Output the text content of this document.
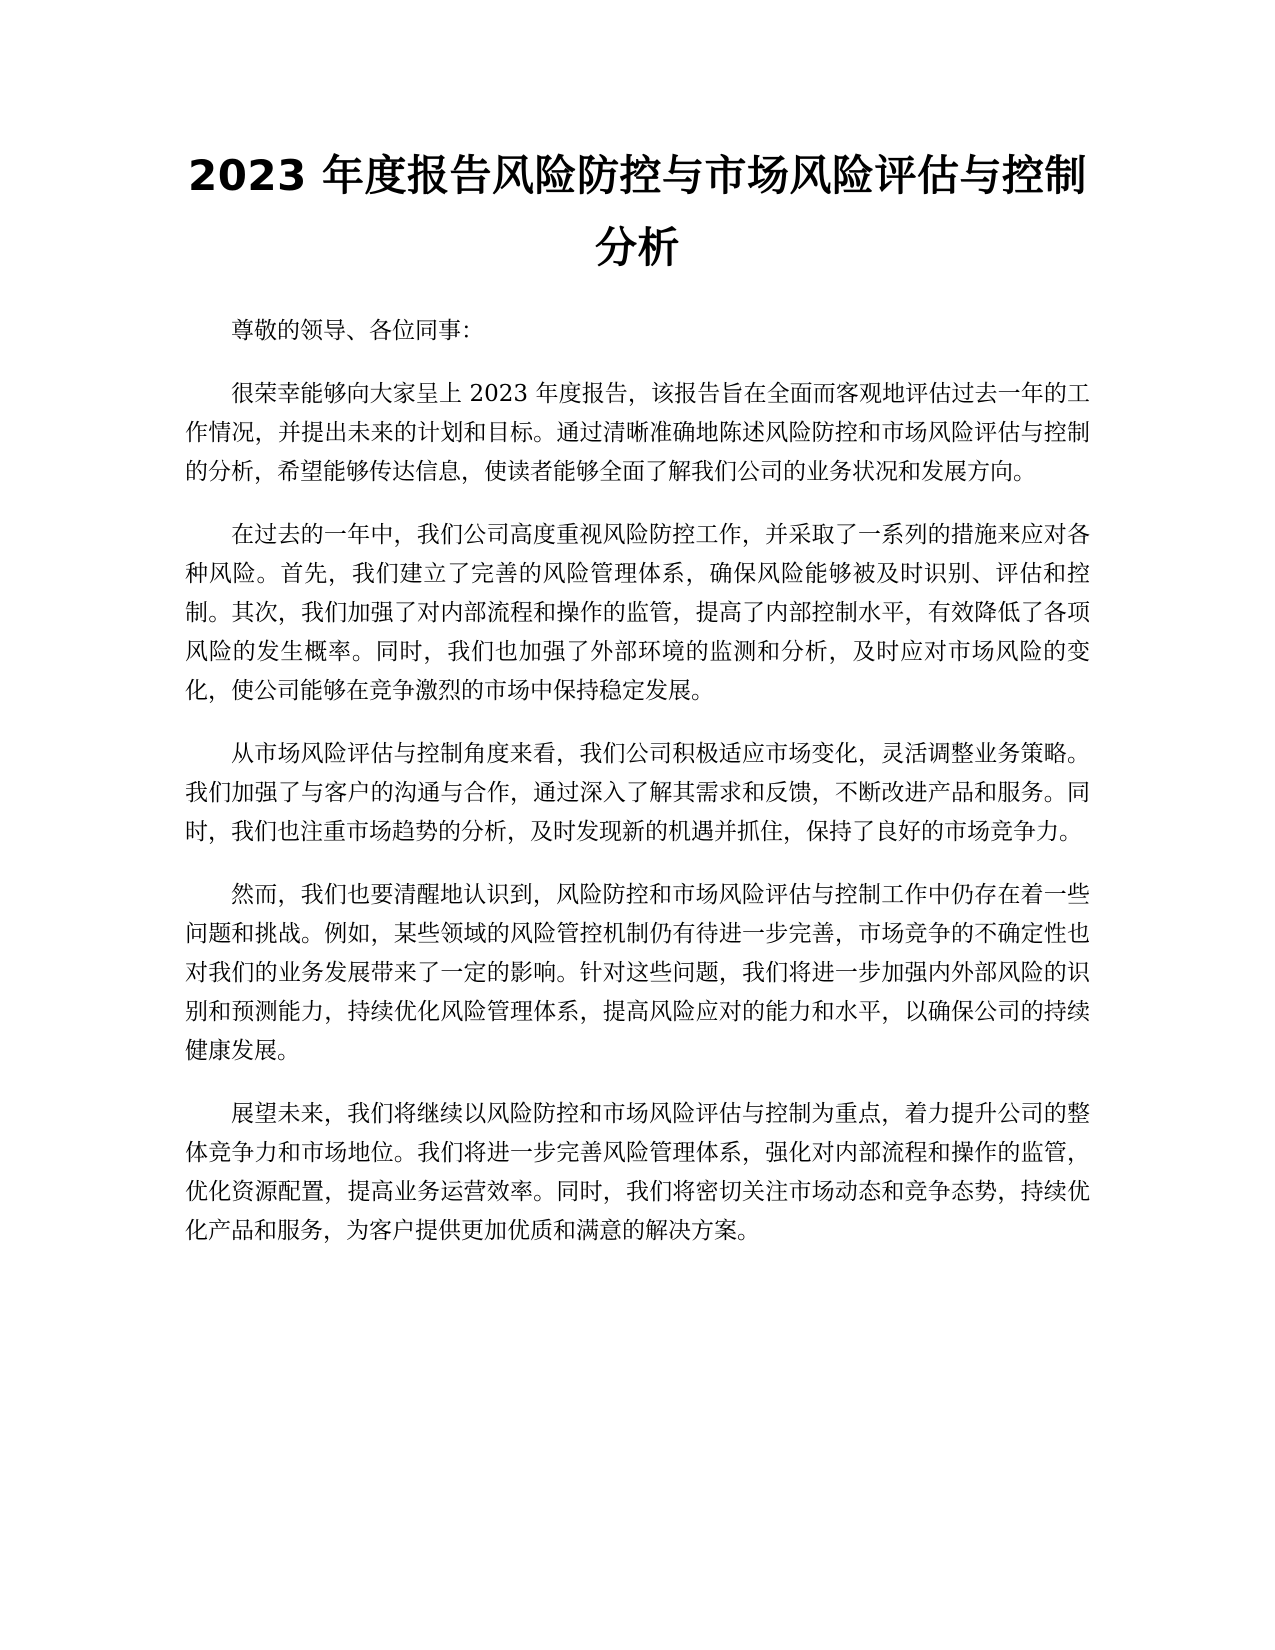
2023 年度报告风险防控与市场风险评估与控制分析

尊敬的领导、各位同事：

很荣幸能够向大家呈上 2023 年度报告，该报告旨在全面而客观地评估过去一年的工作情况，并提出未来的计划和目标。通过清晰准确地陈述风险防控和市场风险评估与控制的分析，希望能够传达信息，使读者能够全面了解我们公司的业务状况和发展方向。

在过去的一年中，我们公司高度重视风险防控工作，并采取了一系列的措施来应对各种风险。首先，我们建立了完善的风险管理体系，确保风险能够被及时识别、评估和控制。其次，我们加强了对内部流程和操作的监管，提高了内部控制水平，有效降低了各项风险的发生概率。同时，我们也加强了外部环境的监测和分析，及时应对市场风险的变化，使公司能够在竞争激烈的市场中保持稳定发展。

从市场风险评估与控制角度来看，我们公司积极适应市场变化，灵活调整业务策略。我们加强了与客户的沟通与合作，通过深入了解其需求和反馈，不断改进产品和服务。同时，我们也注重市场趋势的分析，及时发现新的机遇并抓住，保持了良好的市场竞争力。

然而，我们也要清醒地认识到，风险防控和市场风险评估与控制工作中仍存在着一些问题和挑战。例如，某些领域的风险管控机制仍有待进一步完善，市场竞争的不确定性也对我们的业务发展带来了一定的影响。针对这些问题，我们将进一步加强内外部风险的识别和预测能力，持续优化风险管理体系，提高风险应对的能力和水平，以确保公司的持续健康发展。

展望未来，我们将继续以风险防控和市场风险评估与控制为重点，着力提升公司的整体竞争力和市场地位。我们将进一步完善风险管理体系，强化对内部流程和操作的监管，优化资源配置，提高业务运营效率。同时，我们将密切关注市场动态和竞争态势，持续优化产品和服务，为客户提供更加优质和满意的解决方案。
